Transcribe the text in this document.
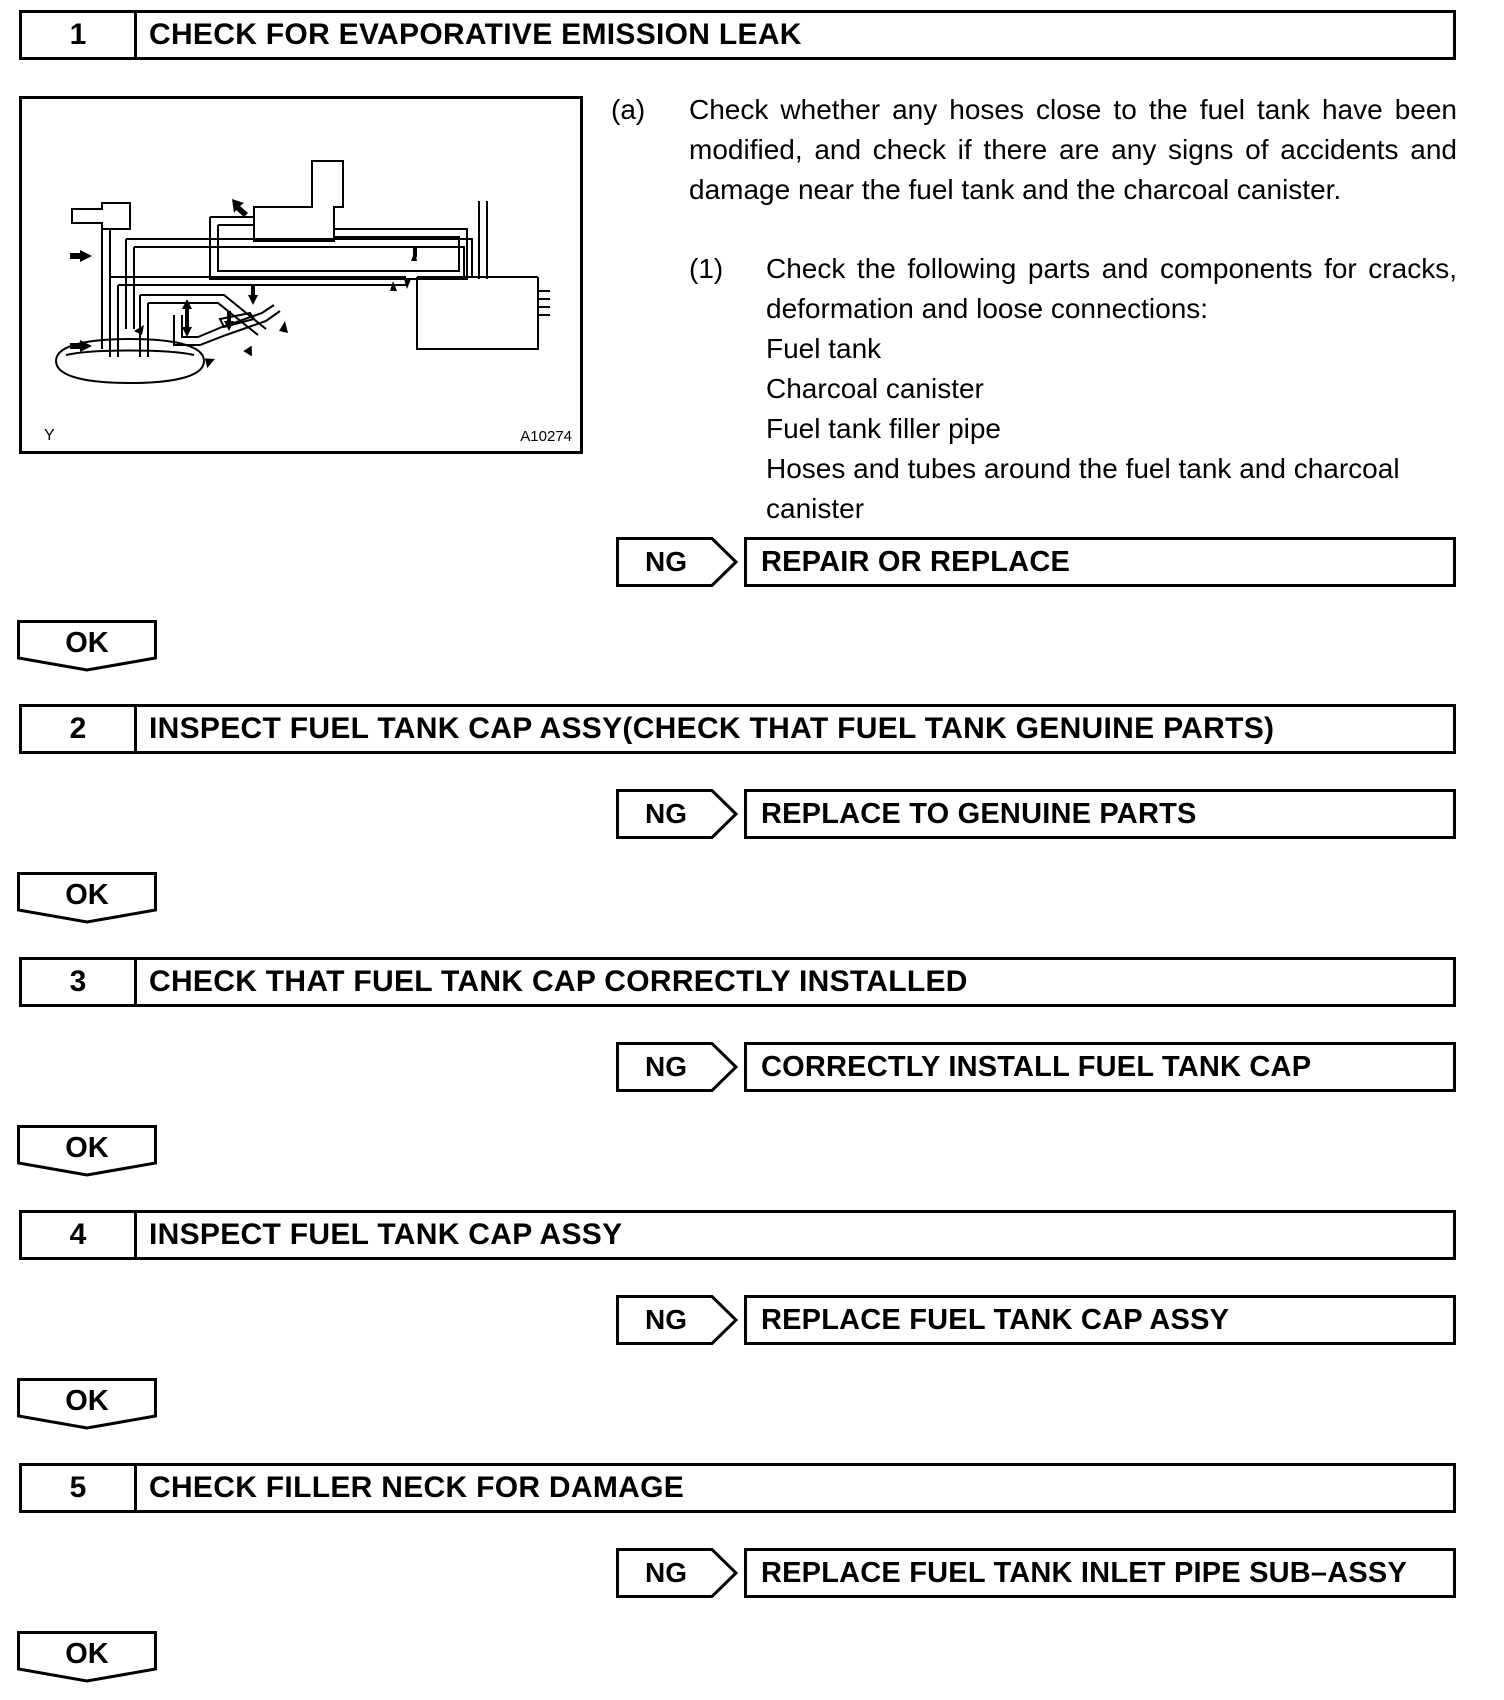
1	CHECK FOR EVAPORATIVE EMISSION LEAK
Y	A10274
(a) Check whether any hoses close to the fuel tank have been modified, and check if there are any signs of accidents and damage near the fuel tank and the charcoal canister.
(1) Check the following parts and components for cracks, deformation and loose connections:
Fuel tank
Charcoal canister
Fuel tank filler pipe
Hoses and tubes around the fuel tank and charcoal canister
NG	REPAIR OR REPLACE
OK
2	INSPECT FUEL TANK CAP ASSY(CHECK THAT FUEL TANK GENUINE PARTS)
NG	REPLACE TO GENUINE PARTS
OK
3	CHECK THAT FUEL TANK CAP CORRECTLY INSTALLED
NG	CORRECTLY INSTALL FUEL TANK CAP
OK
4	INSPECT FUEL TANK CAP ASSY
NG	REPLACE FUEL TANK CAP ASSY
OK
5	CHECK FILLER NECK FOR DAMAGE
NG	REPLACE FUEL TANK INLET PIPE SUB–ASSY
OK
